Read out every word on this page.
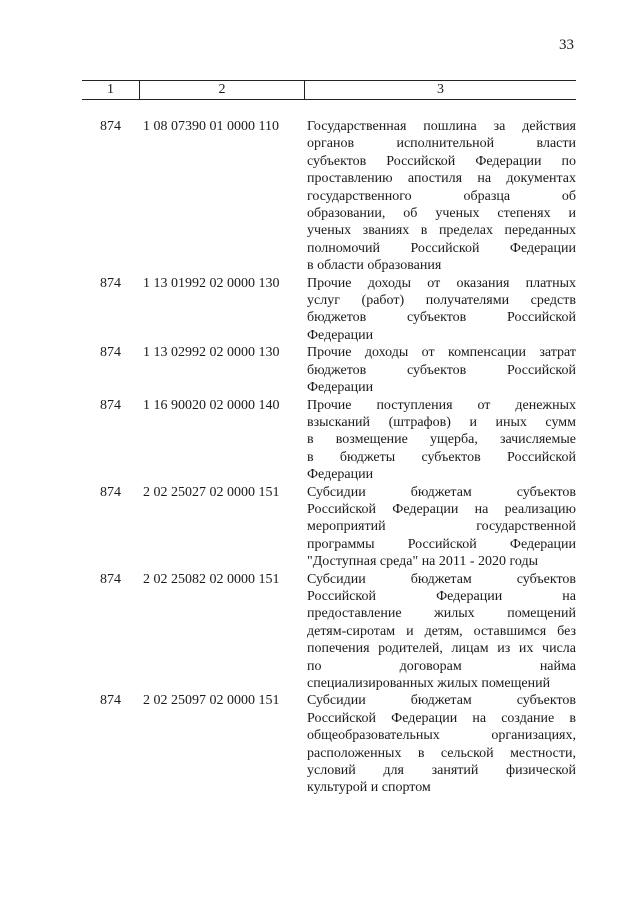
33
1	2	3
874	1 08 07390 01 0000 110	Государственная пошлина за действия
органов исполнительной власти
субъектов Российской Федерации по
проставлению апостиля на документах
государственного образца об
образовании, об ученых степенях и
ученых званиях в пределах переданных
полномочий Российской Федерации
в области образования
874	1 13 01992 02 0000 130	Прочие доходы от оказания платных
услуг (работ) получателями средств
бюджетов субъектов Российской
Федерации
874	1 13 02992 02 0000 130	Прочие доходы от компенсации затрат
бюджетов субъектов Российской
Федерации
874	1 16 90020 02 0000 140	Прочие поступления от денежных
взысканий (штрафов) и иных сумм
в возмещение ущерба, зачисляемые
в бюджеты субъектов Российской
Федерации
874	2 02 25027 02 0000 151	Субсидии бюджетам субъектов
Российской Федерации на реализацию
мероприятий государственной
программы Российской Федерации
"Доступная среда" на 2011 - 2020 годы
874	2 02 25082 02 0000 151	Субсидии бюджетам субъектов
Российской Федерации на
предоставление жилых помещений
детям-сиротам и детям, оставшимся без
попечения родителей, лицам из их числа
по договорам найма
специализированных жилых помещений
874	2 02 25097 02 0000 151	Субсидии бюджетам субъектов
Российской Федерации на создание в
общеобразовательных организациях,
расположенных в сельской местности,
условий для занятий физической
культурой и спортом
